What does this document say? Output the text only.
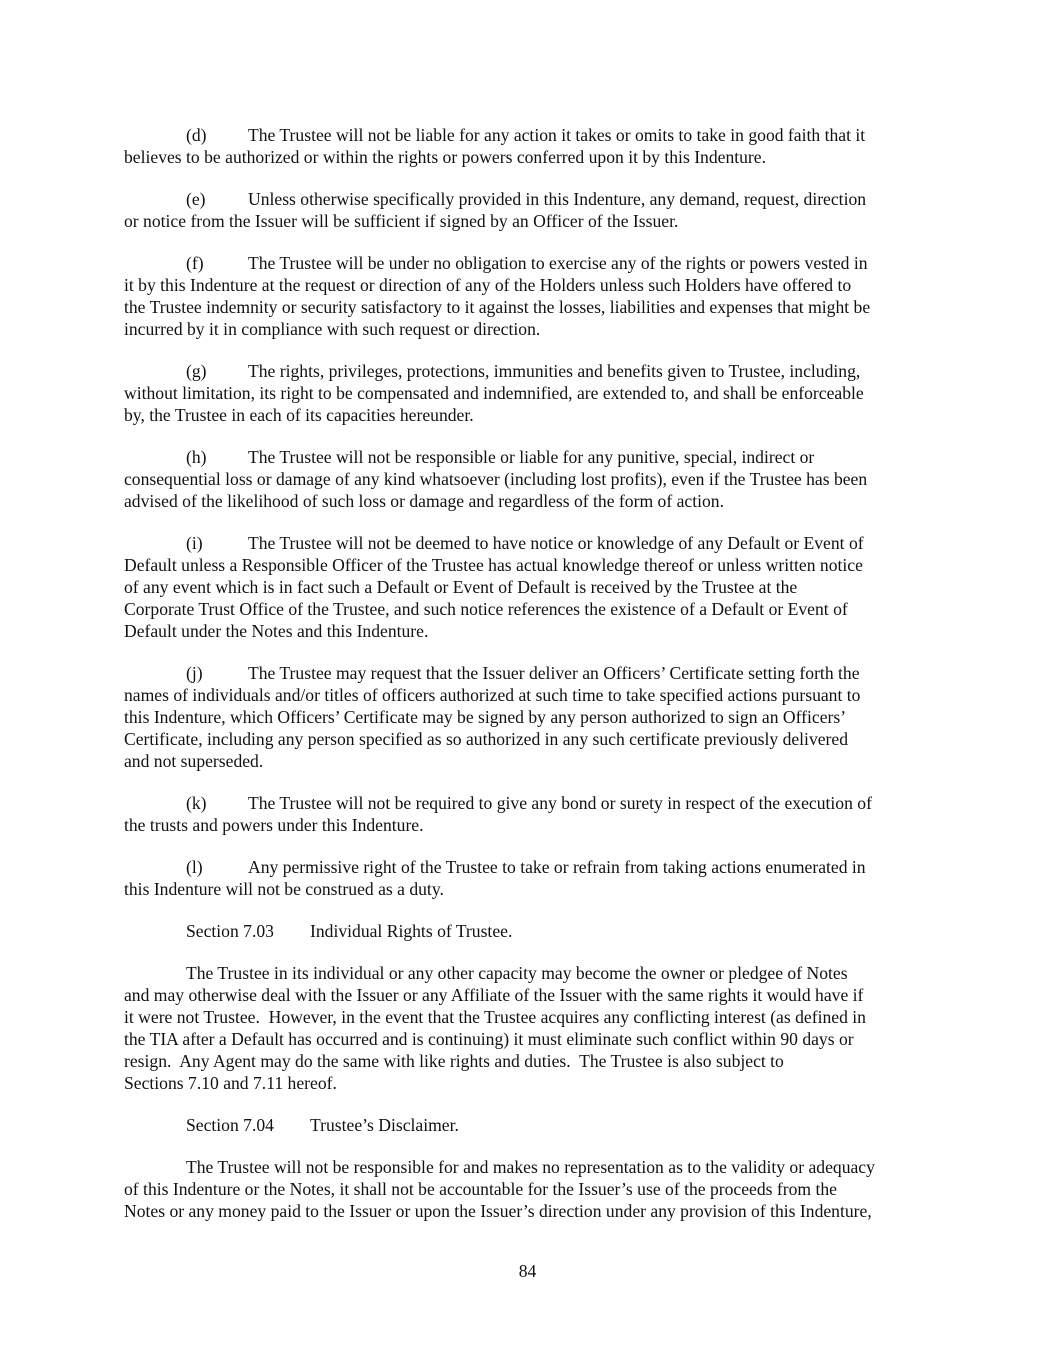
(d) The Trustee will not be liable for any action it takes or omits to take in good faith that it
believes to be authorized or within the rights or powers conferred upon it by this Indenture.
(e) Unless otherwise specifically provided in this Indenture, any demand, request, direction
or notice from the Issuer will be sufficient if signed by an Officer of the Issuer.
(f)	The Trustee will be under no obligation to exercise any of the rights or powers vested in
it by this Indenture at the request or direction of any of the Holders unless such Holders have offered to
the Trustee indemnity or security satisfactory to it against the losses, liabilities and expenses that might be
incurred by it in compliance with such request or direction.
(g) The rights, privileges, protections, immunities and benefits given to Trustee, including,
without limitation, its right to be compensated and indemnified, are extended to, and shall be enforceable
by, the Trustee in each of its capacities hereunder.
(h) The Trustee will not be responsible or liable for any punitive, special, indirect or
consequential loss or damage of any kind whatsoever (including lost profits), even if the Trustee has been
advised of the likelihood of such loss or damage and regardless of the form of action.
(i)	The Trustee will not be deemed to have notice or knowledge of any Default or Event of
Default unless a Responsible Officer of the Trustee has actual knowledge thereof or unless written notice
of any event which is in fact such a Default or Event of Default is received by the Trustee at the
Corporate Trust Office of the Trustee, and such notice references the existence of a Default or Event of
Default under the Notes and this Indenture.
(j)	The Trustee may request that the Issuer deliver an Officers’ Certificate setting forth the
names of individuals and/or titles of officers authorized at such time to take specified actions pursuant to
this Indenture, which Officers’ Certificate may be signed by any person authorized to sign an Officers’
Certificate, including any person specified as so authorized in any such certificate previously delivered
and not superseded.
(k) The Trustee will not be required to give any bond or surety in respect of the execution of
the trusts and powers under this Indenture.
(l)	Any permissive right of the Trustee to take or refrain from taking actions enumerated in
this Indenture will not be construed as a duty.
Section 7.03 Individual Rights of Trustee.
The Trustee in its individual or any other capacity may become the owner or pledgee of Notes
and may otherwise deal with the Issuer or any Affiliate of the Issuer with the same rights it would have if
it were not Trustee.  However, in the event that the Trustee acquires any conflicting interest (as defined in
the TIA after a Default has occurred and is continuing) it must eliminate such conflict within 90 days or
resign.  Any Agent may do the same with like rights and duties.  The Trustee is also subject to
Sections 7.10 and 7.11 hereof.
Section 7.04 Trustee’s Disclaimer.
The Trustee will not be responsible for and makes no representation as to the validity or adequacy
of this Indenture or the Notes, it shall not be accountable for the Issuer’s use of the proceeds from the
Notes or any money paid to the Issuer or upon the Issuer’s direction under any provision of this Indenture,
84
